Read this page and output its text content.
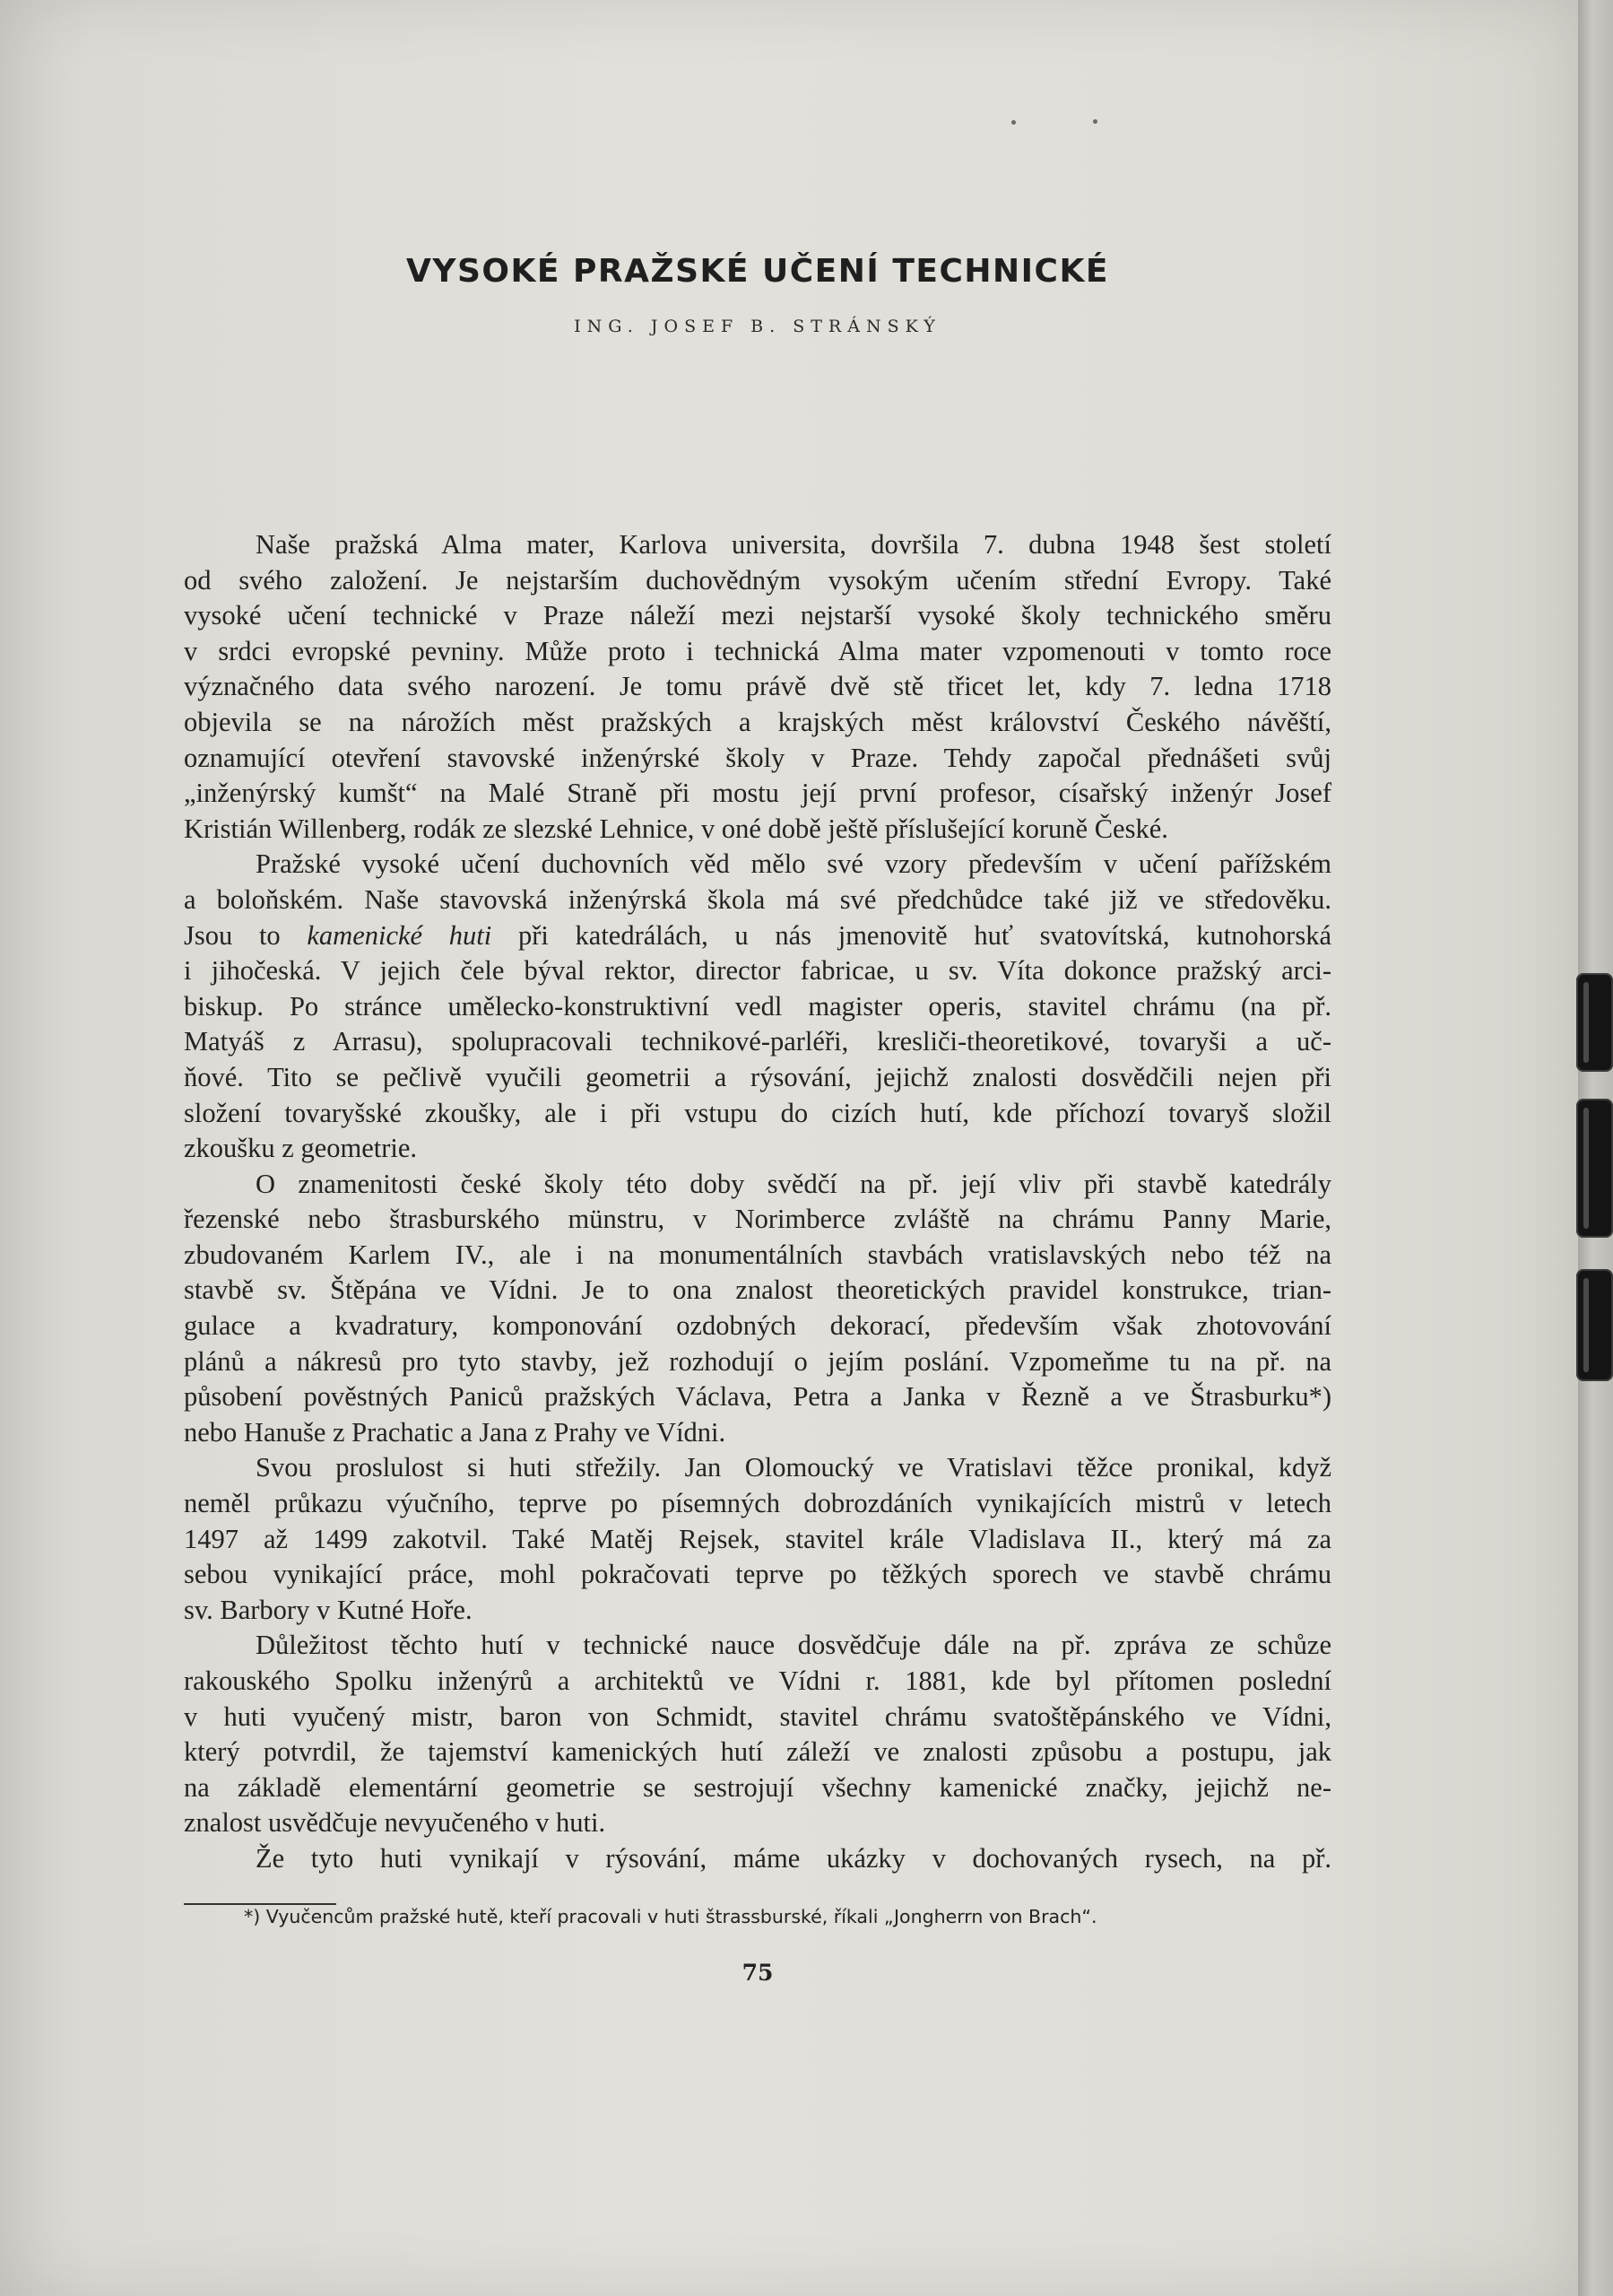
VYSOKÉ PRAŽSKÉ UČENÍ TECHNICKÉ
ING. JOSEF B. STRÁNSKÝ
Naše pražská Alma mater, Karlova universita, dovršila 7. dubna 1948 šest století
od svého založení. Je nejstarším duchovědným vysokým učením střední Evropy. Také
vysoké učení technické v Praze náleží mezi nejstarší vysoké školy technického směru
v srdci evropské pevniny. Může proto i technická Alma mater vzpomenouti v tomto roce
význačného data svého narození. Je tomu právě dvě stě třicet let, kdy 7. ledna 1718
objevila se na nárožích měst pražských a krajských měst království Českého návěští,
oznamující otevření stavovské inženýrské školy v Praze. Tehdy započal přednášeti svůj
„inženýrský kumšt“ na Malé Straně při mostu její první profesor, císařský inženýr Josef
Kristián Willenberg, rodák ze slezské Lehnice, v oné době ještě příslušející koruně České.
Pražské vysoké učení duchovních věd mělo své vzory především v učení pařížském
a boloňském. Naše stavovská inženýrská škola má své předchůdce také již ve středověku.
Jsou to kamenické huti při katedrálách, u nás jmenovitě huť svatovítská, kutnohorská
i jihočeská. V jejich čele býval rektor, director fabricae, u sv. Víta dokonce pražský arci-
biskup. Po stránce umělecko-konstruktivní vedl magister operis, stavitel chrámu (na př.
Matyáš z Arrasu), spolupracovali technikové-parléři, kresliči-theoretikové, tovaryši a uč-
ňové. Tito se pečlivě vyučili geometrii a rýsování, jejichž znalosti dosvědčili nejen při
složení tovaryšské zkoušky, ale i při vstupu do cizích hutí, kde příchozí tovaryš složil
zkoušku z geometrie.
O znamenitosti české školy této doby svědčí na př. její vliv při stavbě katedrály
řezenské nebo štrasburského münstru, v Norimberce zvláště na chrámu Panny Marie,
zbudovaném Karlem IV., ale i na monumentálních stavbách vratislavských nebo též na
stavbě sv. Štěpána ve Vídni. Je to ona znalost theoretických pravidel konstrukce, trian-
gulace a kvadratury, komponování ozdobných dekorací, především však zhotovování
plánů a nákresů pro tyto stavby, jež rozhodují o jejím poslání. Vzpomeňme tu na př. na
působení pověstných Paniců pražských Václava, Petra a Janka v Řezně a ve Štrasburku*)
nebo Hanuše z Prachatic a Jana z Prahy ve Vídni.
Svou proslulost si huti střežily. Jan Olomoucký ve Vratislavi těžce pronikal, když
neměl průkazu výučního, teprve po písemných dobrozdáních vynikajících mistrů v letech
1497 až 1499 zakotvil. Také Matěj Rejsek, stavitel krále Vladislava II., který má za
sebou vynikající práce, mohl pokračovati teprve po těžkých sporech ve stavbě chrámu
sv. Barbory v Kutné Hoře.
Důležitost těchto hutí v technické nauce dosvědčuje dále na př. zpráva ze schůze
rakouského Spolku inženýrů a architektů ve Vídni r. 1881, kde byl přítomen poslední
v huti vyučený mistr, baron von Schmidt, stavitel chrámu svatoštěpánského ve Vídni,
který potvrdil, že tajemství kamenických hutí záleží ve znalosti způsobu a postupu, jak
na základě elementární geometrie se sestrojují všechny kamenické značky, jejichž ne-
znalost usvědčuje nevyučeného v huti.
Že tyto huti vynikají v rýsování, máme ukázky v dochovaných rysech, na př.
*) Vyučencům pražské hutě, kteří pracovali v huti štrassburské, říkali „Jongherrn von Brach“.
75
